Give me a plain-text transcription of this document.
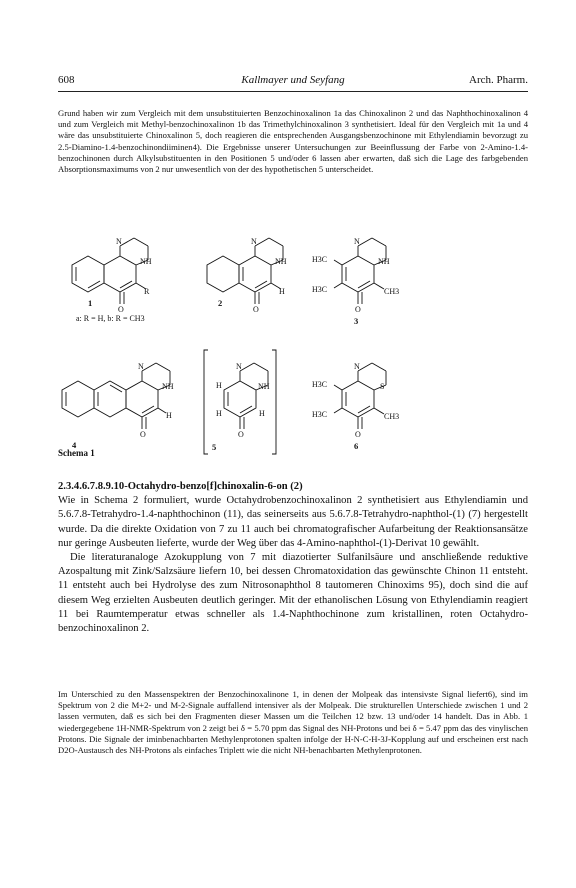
608	Kallmayer und Seyfang	Arch. Pharm.
Grund haben wir zum Vergleich mit dem unsubstituierten Benzochinoxalinon 1a das Chinoxalinon 2 und das Naphthochinoxalinon 4 und zum Vergleich mit Methyl-benzochinoxalinon 1b das Trimethylchinoxalinon 3 synthetisiert. Ideal für den Vergleich mit 1a und 4 wäre das unsubstituierte Chinoxalinon 5, doch reagieren die entsprechenden Ausgangsbenzochinone mit Ethylendiamin bevorzugt zu 2.5-Diamino-1.4-benzochinondiiminen4). Die Ergebnisse unserer Untersuchungen zur Beeinflussung der Farbe von 2-Amino-1.4-benzochinonen durch Alkylsubstituenten in den Positionen 5 und/oder 6 lassen aber erwarten, daß sich die Lage des farbgebenden Absorptionsmaximums von 2 nur unwesentlich von der des hypothetischen 5 unterscheidet.
N
NH
R
O
1
a: R = H, b: R = CH3
N
NH
H
O
2
N
NH
H3C
H3C	CH3
O
3
N
NH
H
O
4
N
NH
H
H	H
O
5
N
S
H3C
H3C	CH3
O
6
Schema 1

2.3.4.6.7.8.9.10-Octahydro-benzo[f]chinoxalin-6-on (2)

Wie in Schema 2 formuliert, wurde Octahydrobenzochinoxalinon 2 synthetisiert aus Ethylendiamin und 5.6.7.8-Tetrahydro-1.4-naphthochinon (11), das seinerseits aus 5.6.7.8-Tetrahydro-naphthol-(1) (7) hergestellt wurde. Da die direkte Oxidation von 7 zu 11 auch bei chromatografischer Aufarbeitung der Reaktionsansätze nur geringe Ausbeuten lieferte, wurde der Weg über das 4-Amino-naphthol-(1)-Derivat 10 gewählt.

Die literaturanaloge Azokupplung von 7 mit diazotierter Sulfanilsäure und anschließende reduktive Azospaltung mit Zink/Salzsäure liefern 10, bei dessen Chromatoxidation das gewünschte Chinon 11 entsteht. 11 entsteht auch bei Hydrolyse des zum Nitrosonaphthol 8 tautomeren Chinoxims 95), doch sind die auf diesem Weg erzielten Ausbeuten deutlich geringer. Mit der ethanolischen Lösung von Ethylendiamin reagiert 11 bei Raumtemperatur etwas schneller als 1.4-Naphthochinone zum kristallinen, roten Octahydro-benzochinoxalinon 2.

Im Unterschied zu den Massenspektren der Benzochinoxalinone 1, in denen der Molpeak das intensivste Signal liefert6), sind im Spektrum von 2 die M+2- und M-2-Signale auffallend intensiver als der Molpeak. Die strukturellen Unterschiede zwischen 1 und 2 lassen vermuten, daß es sich bei den Fragmenten dieser Massen um die Teilchen 12 bzw. 13 und/oder 14 handelt. Das in Abb. 1 wiedergegebene 1H-NMR-Spektrum von 2 zeigt bei δ = 5.70 ppm das Signal des NH-Protons und bei δ = 5.47 ppm das des vinylischen Protons. Die Signale der iminbenachbarten Methylenprotonen spalten infolge der H-N-C-H-3J-Kopplung auf und erscheinen erst nach D2O-Austausch des NH-Protons als einfaches Triplett wie die nicht NH-benachbarten Methylenprotonen.
